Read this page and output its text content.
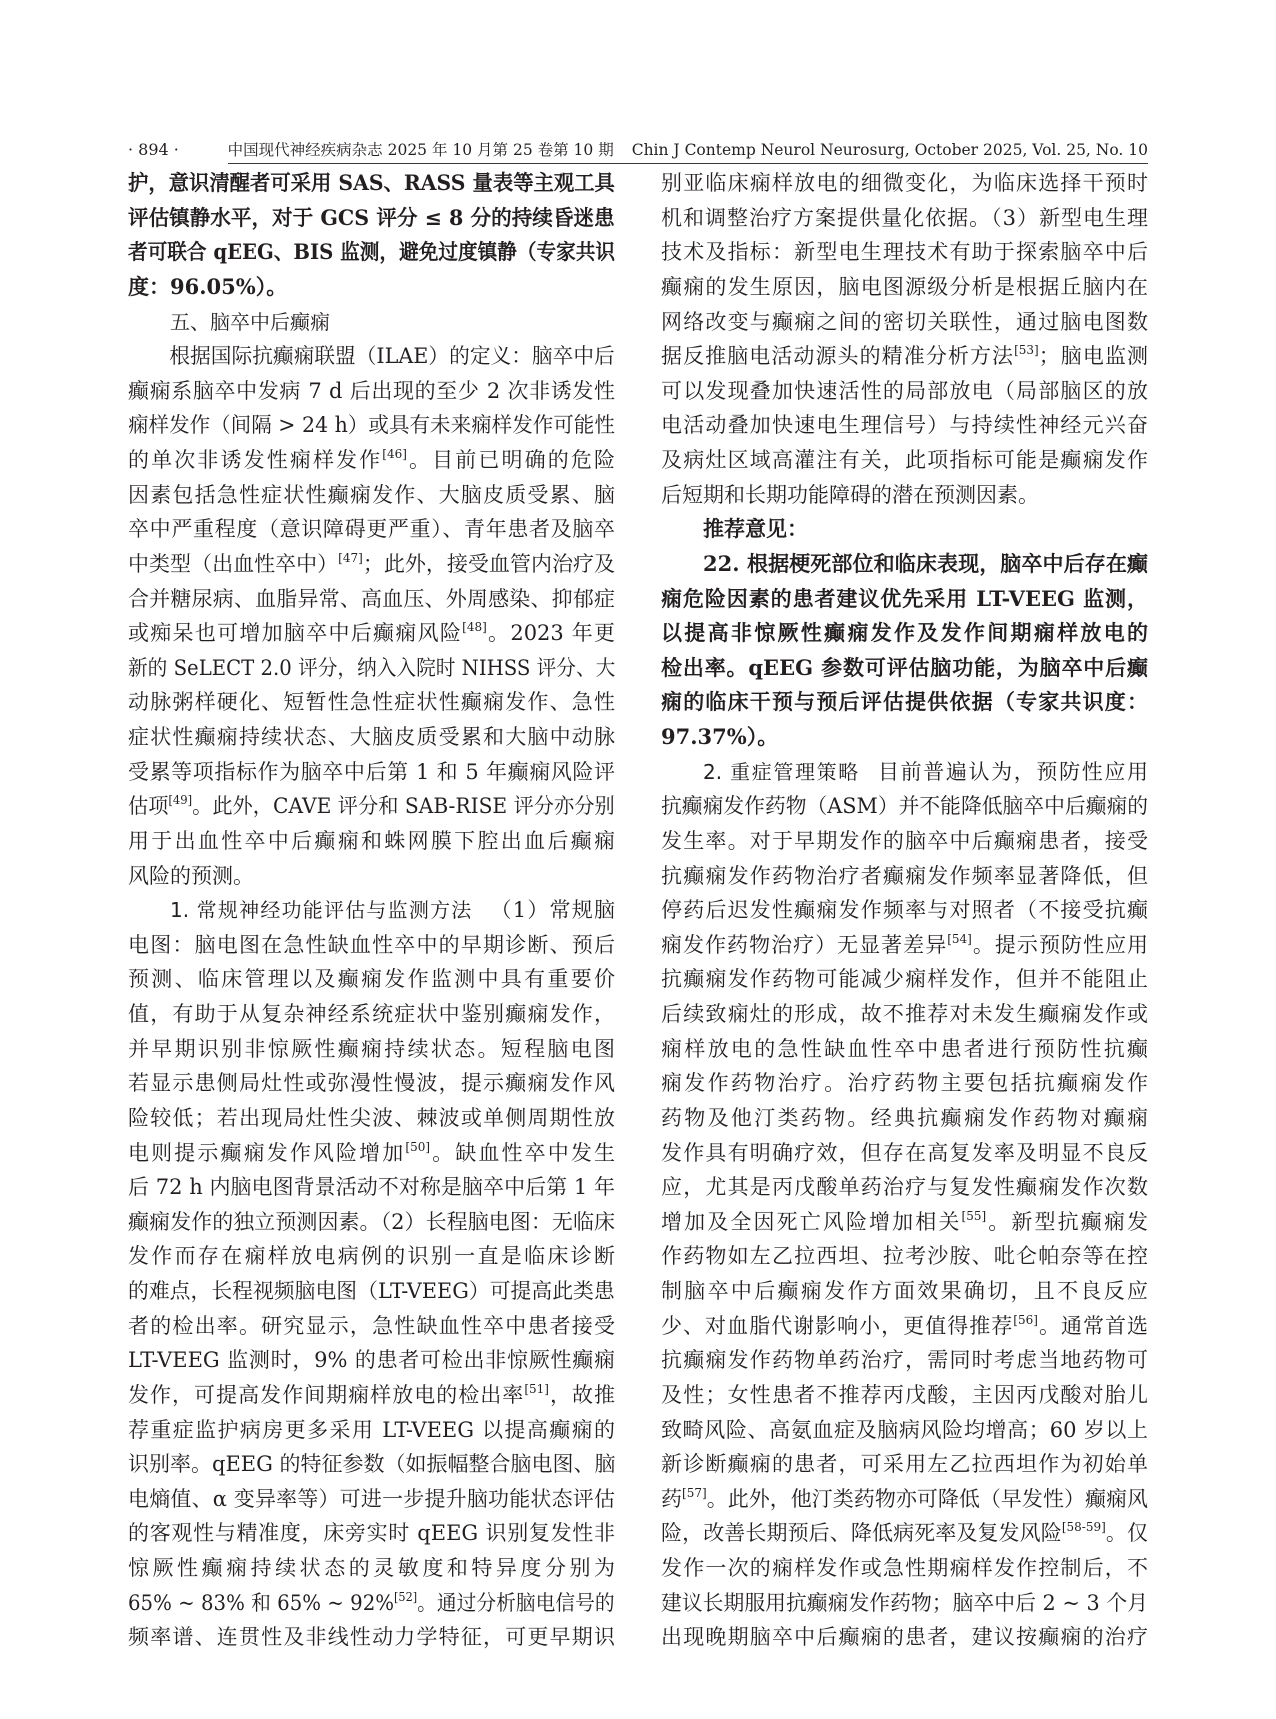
· 894 ·	中国现代神经疾病杂志 2025 年 10 月第 25 卷第 10 期 Chin J Contemp Neurol Neurosurg, October 2025, Vol. 25, No. 10
护，意识清醒者可采用 SAS、RASS 量表等主观工具
评估镇静水平，对于 GCS 评分 ≤ 8 分的持续昏迷患
者可联合 qEEG、BIS 监测，避免过度镇静（专家共识
度：96.05%）。
五、脑卒中后癫痫
根据国际抗癫痫联盟（ILAE）的定义：脑卒中后
癫痫系脑卒中发病 7 d 后出现的至少 2 次非诱发性
痫样发作（间隔 > 24 h）或具有未来痫样发作可能性
的单次非诱发性痫样发作[46]。目前已明确的危险
因素包括急性症状性癫痫发作、大脑皮质受累、脑
卒中严重程度（意识障碍更严重）、青年患者及脑卒
中类型（出血性卒中）[47]；此外，接受血管内治疗及
合并糖尿病、血脂异常、高血压、外周感染、抑郁症
或痴呆也可增加脑卒中后癫痫风险[48]。2023 年更
新的 SeLECT 2.0 评分，纳入入院时 NIHSS 评分、大
动脉粥样硬化、短暂性急性症状性癫痫发作、急性
症状性癫痫持续状态、大脑皮质受累和大脑中动脉
受累等项指标作为脑卒中后第 1 和 5 年癫痫风险评
估项[49]。此外，CAVE 评分和 SAB-RISE 评分亦分别
用于出血性卒中后癫痫和蛛网膜下腔出血后癫痫
风险的预测。
1. 常规神经功能评估与监测方法 （1）常规脑
电图：脑电图在急性缺血性卒中的早期诊断、预后
预测、临床管理以及癫痫发作监测中具有重要价
值，有助于从复杂神经系统症状中鉴别癫痫发作，
并早期识别非惊厥性癫痫持续状态。短程脑电图
若显示患侧局灶性或弥漫性慢波，提示癫痫发作风
险较低；若出现局灶性尖波、棘波或单侧周期性放
电则提示癫痫发作风险增加[50]。缺血性卒中发生
后 72 h 内脑电图背景活动不对称是脑卒中后第 1 年
癫痫发作的独立预测因素。（2）长程脑电图：无临床
发作而存在痫样放电病例的识别一直是临床诊断
的难点，长程视频脑电图（LT-VEEG）可提高此类患
者的检出率。研究显示，急性缺血性卒中患者接受
LT-VEEG 监测时，9% 的患者可检出非惊厥性癫痫
发作，可提高发作间期痫样放电的检出率[51]，故推
荐重症监护病房更多采用 LT-VEEG 以提高癫痫的
识别率。qEEG 的特征参数（如振幅整合脑电图、脑
电熵值、α 变异率等）可进一步提升脑功能状态评估
的客观性与精准度，床旁实时 qEEG 识别复发性非
惊厥性癫痫持续状态的灵敏度和特异度分别为
65% ~ 83% 和 65% ~ 92%[52]。通过分析脑电信号的
频率谱、连贯性及非线性动力学特征，可更早期识
别亚临床痫样放电的细微变化，为临床选择干预时
机和调整治疗方案提供量化依据。（3）新型电生理
技术及指标：新型电生理技术有助于探索脑卒中后
癫痫的发生原因，脑电图源级分析是根据丘脑内在
网络改变与癫痫之间的密切关联性，通过脑电图数
据反推脑电活动源头的精准分析方法[53]；脑电监测
可以发现叠加快速活性的局部放电（局部脑区的放
电活动叠加快速电生理信号）与持续性神经元兴奋
及病灶区域高灌注有关，此项指标可能是癫痫发作
后短期和长期功能障碍的潜在预测因素。
推荐意见：
22. 根据梗死部位和临床表现，脑卒中后存在癫
痫危险因素的患者建议优先采用 LT-VEEG 监测，
以提高非惊厥性癫痫发作及发作间期痫样放电的
检出率。qEEG 参数可评估脑功能，为脑卒中后癫
痫的临床干预与预后评估提供依据（专家共识度：
97.37%）。
2. 重症管理策略 目前普遍认为，预防性应用
抗癫痫发作药物（ASM）并不能降低脑卒中后癫痫的
发生率。对于早期发作的脑卒中后癫痫患者，接受
抗癫痫发作药物治疗者癫痫发作频率显著降低，但
停药后迟发性癫痫发作频率与对照者（不接受抗癫
痫发作药物治疗）无显著差异[54]。提示预防性应用
抗癫痫发作药物可能减少痫样发作，但并不能阻止
后续致痫灶的形成，故不推荐对未发生癫痫发作或
痫样放电的急性缺血性卒中患者进行预防性抗癫
痫发作药物治疗。治疗药物主要包括抗癫痫发作
药物及他汀类药物。经典抗癫痫发作药物对癫痫
发作具有明确疗效，但存在高复发率及明显不良反
应，尤其是丙戊酸单药治疗与复发性癫痫发作次数
增加及全因死亡风险增加相关[55]。新型抗癫痫发
作药物如左乙拉西坦、拉考沙胺、吡仑帕奈等在控
制脑卒中后癫痫发作方面效果确切，且不良反应
少、对血脂代谢影响小，更值得推荐[56]。通常首选
抗癫痫发作药物单药治疗，需同时考虑当地药物可
及性；女性患者不推荐丙戊酸，主因丙戊酸对胎儿
致畸风险、高氨血症及脑病风险均增高；60 岁以上
新诊断癫痫的患者，可采用左乙拉西坦作为初始单
药[57]。此外，他汀类药物亦可降低（早发性）癫痫风
险，改善长期预后、降低病死率及复发风险[58-59]。仅
发作一次的痫样发作或急性期痫样发作控制后，不
建议长期服用抗癫痫发作药物；脑卒中后 2 ~ 3 个月
出现晚期脑卒中后癫痫的患者，建议按癫痫的治疗
